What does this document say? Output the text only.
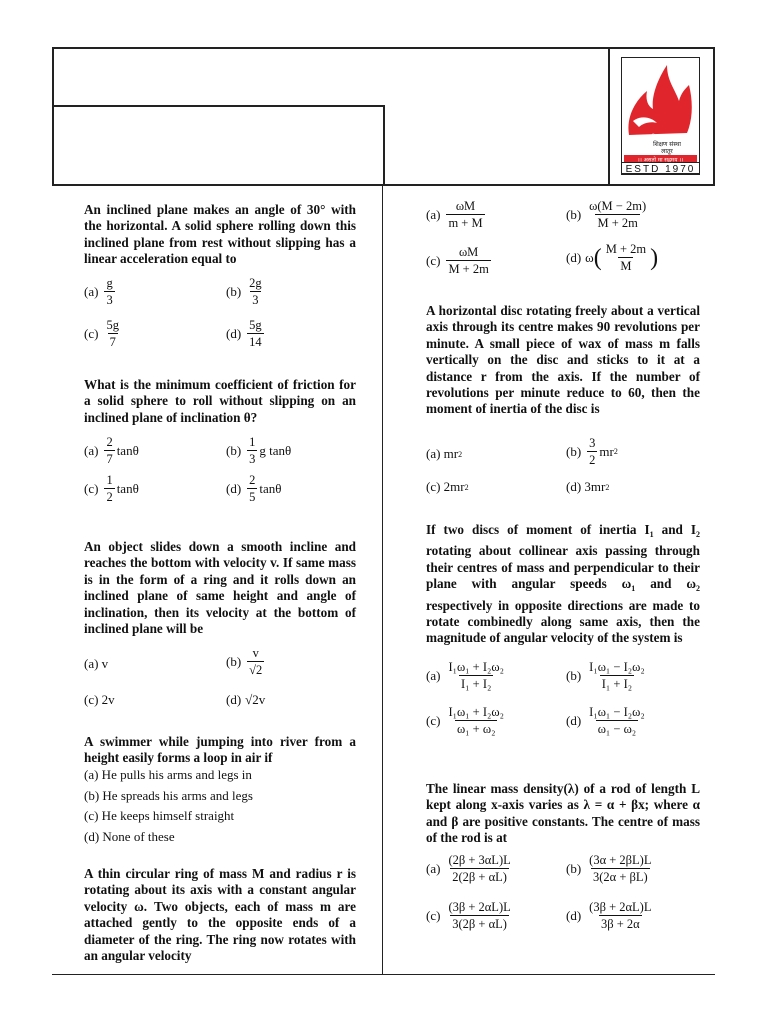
विद्या प्रसारिणी
शिक्षण संस्था
लातूर
।। असतो मा सद्गमय ।।
ESTD 1970
An inclined plane makes an angle of 30° with the horizontal. A solid sphere rolling down this inclined plane from rest without slipping has a linear acceleration equal to
$(a) \frac{g}{3}$	$(b) \frac{2g}{3}$
$(c) \frac{5g}{7}$	$(d) \frac{5g}{14}$
What is the minimum coefficient of friction for a solid sphere to roll without slipping on an inclined plane of inclination θ?
$(a) \frac{2}{7}$ tanθ	$(b) \frac{1}{3}$ g tanθ
$(c) \frac{1}{2}$ tanθ	$(d) \frac{2}{5}$ tanθ
An object slides down a smooth incline and reaches the bottom with velocity v. If same mass is in the form of a ring and it rolls down an inclined plane of same height and angle of inclination, then its velocity at the bottom of inclined plane will be
(a) v	$(b) \frac{v}{√2}$
(c) 2v	(d) √2v
A swimmer while jumping into river from a height easily forms a loop in air if
(a) He pulls his arms and legs in
(b) He spreads his arms and legs
(c) He keeps himself straight
(d) None of these
A thin circular ring of mass M and radius r is rotating about its axis with a constant angular velocity ω. Two objects, each of mass m are attached gently to the opposite ends of a diameter of the ring. The ring now rotates with an angular velocity
$(a) \frac{\omega M}{m + M}$	$(b) \frac{\omega(M - 2m)}{M + 2m}$
$(c) \frac{\omega M}{M + 2m}$	(d) ω ( $\frac{M + 2m}{M}$ )
A horizontal disc rotating freely about a vertical axis through its centre makes 90 revolutions per minute. A small piece of wax of mass m falls vertically on the disc and sticks to it at a distance r from the axis. If the number of revolutions per minute reduce to 60, then the moment of inertia of the disc is
(a) mr 2	$(b) \frac{3}{2}$ mr 2
(c) 2mr 2	(d) 3mr 2
If two discs of moment of inertia $I_1$ and $I_2$ rotating about collinear axis passing through their centres of mass and perpendicular to their plane with angular speeds $\omega_1$ and $\omega_2$ respectively in opposite directions are made to rotate combinedly along same axis, then the magnitude of angular velocity of the system is
$(a) \frac{\text{I₁ω₁ + I₂ω₂}}{\text{I₁ + I₂}}$	$(b) \frac{\text{I₁ω₁ − I₂ω₂}}{\text{I₁ + I₂}}$
$(c) \frac{\text{I₁ω₁ + I₂ω₂}}{\text{ω₁ + ω₂}}$	$(d) \frac{\text{I₁ω₁ − I₂ω₂}}{\text{ω₁ − ω₂}}$
The linear mass density(λ) of a rod of length L kept along x-axis varies as λ = α + βx; where α and β are positive constants. The centre of mass of the rod is at
$(a) \frac{(2\beta + 3\alpha L)L}{2(2\beta + \alpha L)}$	$(b) \frac{(3\alpha + 2\beta L)L}{3(2\alpha + \beta L)}$
$(c) \frac{(3\beta + 2\alpha L)L}{3(2\beta + \alpha L)}$	$(d) \frac{(3\beta + 2\alpha L)L}{3\beta + 2\alpha}$
